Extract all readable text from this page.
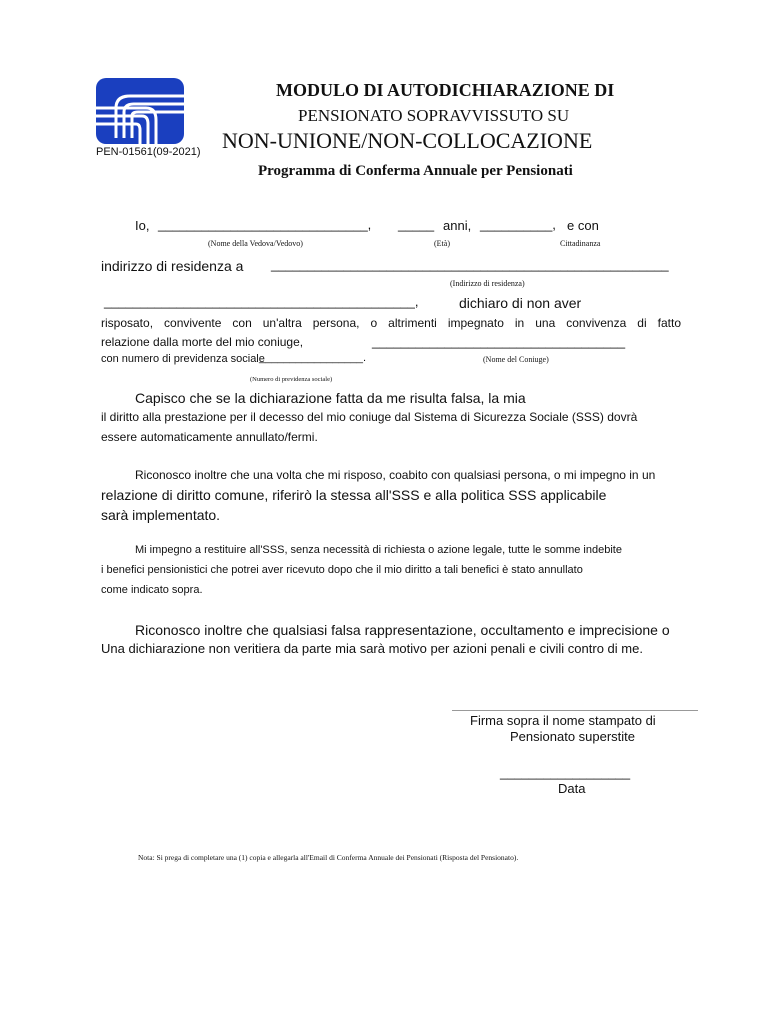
MODULO DI AUTODICHIARAZIONE DI
PENSIONATO SOPRAVVISSUTO SU
NON-UNIONE/NON-COLLOCAZIONE
PEN-01561(09-2021)
Programma di Conferma Annuale per Pensionati
Io, _____________________________, _____ anni, __________, e con
(Nome della Vedova/Vedovo)	(Età)	Cittadinanza
indirizzo di residenza a _______________________________________________________
(Indirizzo di residenza)
___________________________________________,	dichiaro di non aver
risposato, convivente con un'altra persona, o altrimenti impegnato in una convivenza di fatto
relazione dalla morte del mio coniuge,	___________________________________
con numero di previdenza sociale
_________________.	(Nome del Coniuge)
(Numero di previdenza sociale)
Capisco che se la dichiarazione fatta da me risulta falsa, la mia
il diritto alla prestazione per il decesso del mio coniuge dal Sistema di Sicurezza Sociale (SSS) dovrà
essere automaticamente annullato/fermi.
Riconosco inoltre che una volta che mi risposo, coabito con qualsiasi persona, o mi impegno in un
relazione di diritto comune, riferirò la stessa all'SSS e alla politica SSS applicabile
sarà implementato.
Mi impegno a restituire all'SSS, senza necessità di richiesta o azione legale, tutte le somme indebite
i benefici pensionistici che potrei aver ricevuto dopo che il mio diritto a tali benefici è stato annullato
come indicato sopra.
Riconosco inoltre che qualsiasi falsa rappresentazione, occultamento e imprecisione o
Una dichiarazione non veritiera da parte mia sarà motivo per azioni penali e civili contro di me.
Firma sopra il nome stampato di
Pensionato superstite
__________________
Data
Nota: Si prega di completare una (1) copia e allegarla all'Email di Conferma Annuale dei Pensionati (Risposta del Pensionato).
